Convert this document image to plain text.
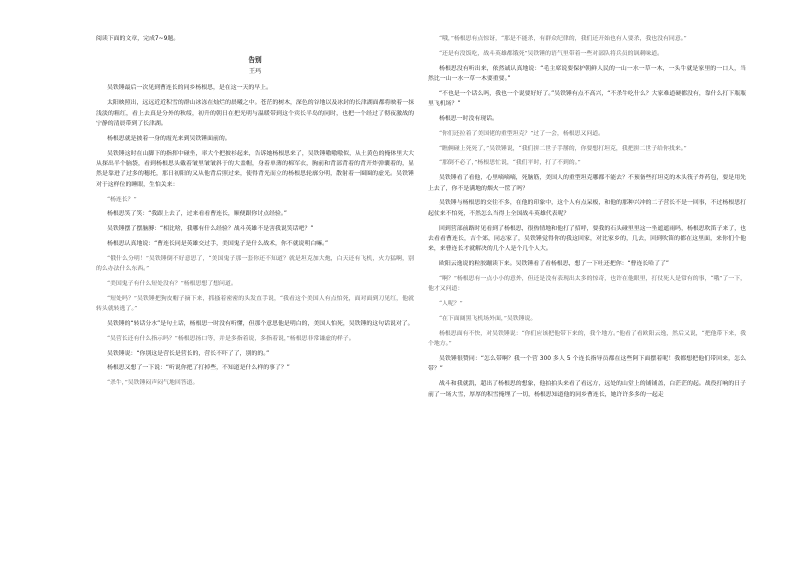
阅读下面的文章，完成7~9题。
告别
王玛
吴铁锤最后一次见到曹连长的同乡杨根思，是在这一天的早上。
太阳映照出，远远近近积雪的群山冰冻在灿烂的晨曦之中。苍茫的树木，深色的谷地以及冰封的长津湖面都将映着一抹浅淡的粗红，看上去真是分外的秋绥，初升的朝日在把光明与温暖带到这个宾长半岛的同时，也把一个经过了彻夜激战的宁静的清晨带到了长津湖。
杨根思就是披着一身的霞光来到吴铁锤面前的。
吴铁锤这时在山脚下的指挥中碰坐，率大个把披衫起来，告诉她杨根思来了，吴铁锤嗷嗷嗷似，从土黄色的掩体里大大从探出半个脑袋，看到杨根思头戴着皱里皱皱斜于的大盖帽，身着单薄的棉军衣，胸前和背部背着的背开炸弹囊着的，显然是靠进了过多的穗托，那日初阳的又从他背后照过来，使得背光而立的杨根思轮廓分明，散射着一圈圈的虚光。吴铁锤对于这样位的睡眼，生怕关来：
“杨连长？”
杨根思笑了笑：“我跟上去了，过来看看曹连长，顺便跟你讨点经验。”
吴铁锤摆了摆脑膊：“相比啥，我哪有什么经验？战斗英雄不是害我说笑话吧？”
杨根思认真地说：“曹连长同是英雄交过手，美国鬼子是什么战术，你不就说明白嘛。”
“俄什么分明！”吴铁锤倒不好意思了，“美国鬼子那一套你还不知道？就是坦克加大炮，白天还有飞机，火力猛啊，别的么办法什么东西。”
“美国鬼子有什么短处没有？”杨根思想了想问道。
“短处吗？”吴铁锤把狗皮帽子摘下来，抓搔着密密的头发直手说，“我看这个美国人有点怕死，面对面到刀见红，他就转头就转逃了。”
吴铁锤的“转话分水”是句土话，杨根思一时没有听懂，但那个意思他是明白的，美国人怕死，吴铁锤的这句话说对了。
“吴营长还有什么指示吗？”杨根思扬口等，并是多指着说，多指着说，”杨根思非常谦虚的样子。
吴铁锤说：“你别这是营长是营长的，营长不吓了了，别的的。”
杨根思又想了一下说：“听说你把了打掉些，不知道是什么样的事了？”
“杀牛，”吴铁锤闷声闷气地回答道。
“哦，”杨根思有点惊讶，“那是不能杀，有群众纪律的，我们还开始也有人要杀，我也没有同意。”
“还是有没饭吃，战斗英雄都饿死”吴铁锤的语气里带着一些对部队将兵员的讽刺味道。
杨根思没有听出来，依然诚认真地说：“毛主席说要保护朝鲜人民的一山一水一草一木，一头牛就是家里的一口人，当然比一山一水一草一木要重要。”
“不也是一个话么吗，我也一个说要好好了。”吴铁锤有点不高兴，“不杀牛吃什么？大家难道硬都没有，靠什么打下瓶瓶里飞机场？”
杨根思一时没有现话。
“你们还拉着了美国佬的重型坦克？”过了一会，杨根思又问道。
“瞧俩碰上死死了，”吴铁锤说，“我们拼二世子手掰的，你要想打坦克，我把拼二世子给你找来。”
“那倒不必了，”杨根思忙说，“我们平时，打了不到的。”
吴铁锤看了看他，心里嘀嘀嘀，死脑筋，美国人的重型坦克哪都不能去？不预备些打坦克的木头筏子炸药包，要是用先上去了，你不是满地的烟火一筐了吗？
吴铁锤与杨根思的交往不多，在他的印象中，这个人有点呆板，和他的那种兴冲的二子营长不是一回事，不过杨根思打起仗来不怕死，不然怎么当得上全国战斗英雄代表呢？
回到营部前路时见看到了杨根思，很热情地和他打了招呼，要我的石头碰里里这一坐遮遮雨吗，杨根思吹笛子来了，也去看看曹连长，吉个郊，同志家了，吴铁锤觉得你的我这回家，对比家乡的，几去，回到吹笛的都在这里面，来你们个他来，来曹连长才就解决的几个人是个几个人大。
欧阳云逸说的粒胶蹦读下来。吴铁锤看了看杨根思，想了一下吐还把你：“曹连长哈了了”
“啊？”杨根思有一点小小的意外，但还是没有表现出太多的惊奇，也许在他眼里，打仗死人是常有的事，“哦”了一下，他才又问道：
“人呢？”
“在下面阔黑飞机场外面，”吴铁锤说。
杨根思面有不快，对吴铁锤说：“你们应该把他带下来的，我个地方。”他看了看欧阳云逸，然后又说，“把他带下来，我个地方。”
吴铁锤很赞同：“怎么带啊？我一个营 300 多人 5 个连长指导员都在这些阿下面摆着呢！我都想把他们带回来，怎么带？”
战斗和我就凯，超出了杨根思的想象，他拍拍头来看了看远方，远处的山堂上的铺铺盖，白茫茫的起。战役打响的日子前了一场大雪，厚厚的积雪掩埋了一切，杨根思知道他的同乡曹连长，她许许多多的一起走
